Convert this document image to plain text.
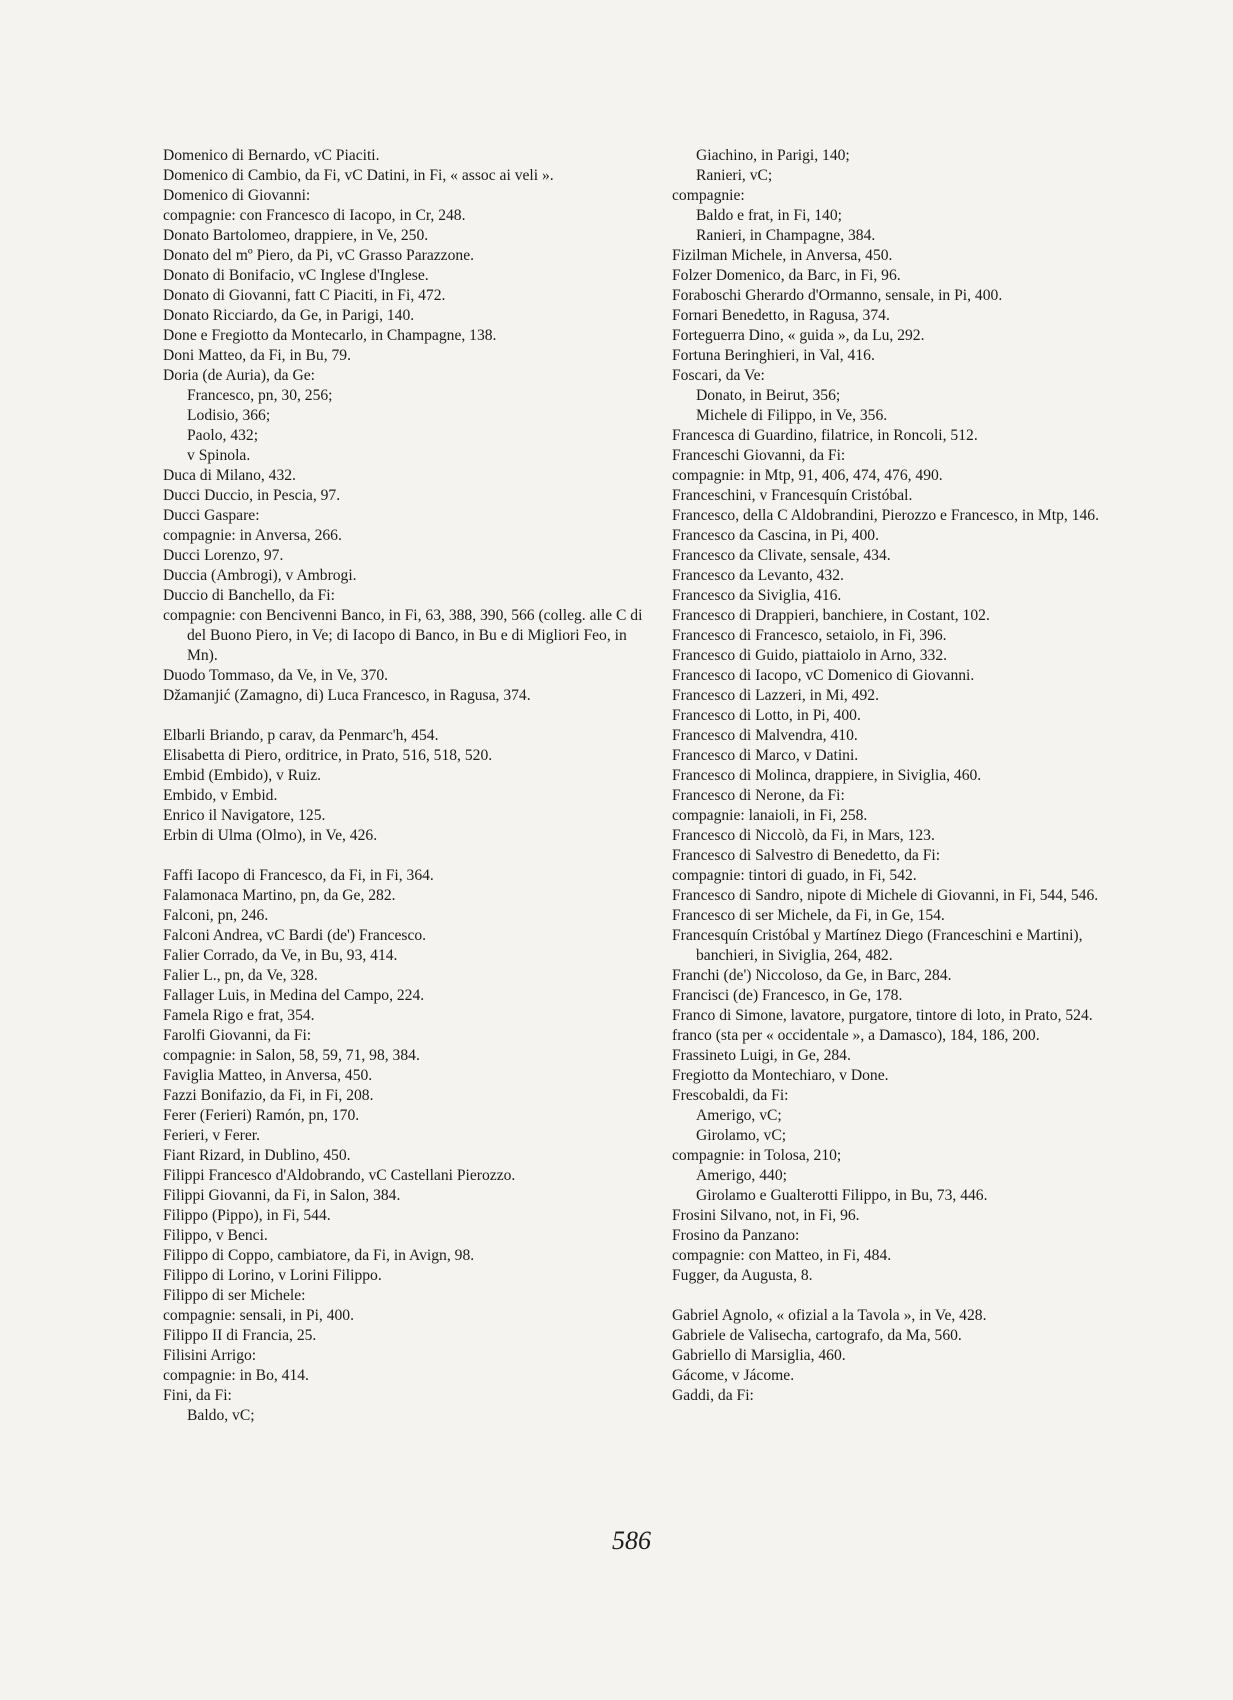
Domenico di Bernardo, vC Piaciti.
Domenico di Cambio, da Fi, vC Datini, in Fi, « assoc ai veli ».
Domenico di Giovanni:
compagnie: con Francesco di Iacopo, in Cr, 248.
Donato Bartolomeo, drappiere, in Ve, 250.
Donato del mº Piero, da Pi, vC Grasso Parazzone.
Donato di Bonifacio, vC Inglese d'Inglese.
Donato di Giovanni, fatt C Piaciti, in Fi, 472.
Donato Ricciardo, da Ge, in Parigi, 140.
Done e Fregiotto da Montecarlo, in Champagne, 138.
Doni Matteo, da Fi, in Bu, 79.
Doria (de Auria), da Ge:
Francesco, pn, 30, 256;
Lodisio, 366;
Paolo, 432;
v Spinola.
Duca di Milano, 432.
Ducci Duccio, in Pescia, 97.
Ducci Gaspare:
compagnie: in Anversa, 266.
Ducci Lorenzo, 97.
Duccia (Ambrogi), v Ambrogi.
Duccio di Banchello, da Fi:
compagnie: con Bencivenni Banco, in Fi, 63, 388, 390, 566 (colleg. alle C di del Buono Piero, in Ve; di Iacopo di Banco, in Bu e di Migliori Feo, in Mn).
Duodo Tommaso, da Ve, in Ve, 370.
Džamanjić (Zamagno, di) Luca Francesco, in Ragusa, 374.
Elbarli Briando, p carav, da Penmarc'h, 454.
Elisabetta di Piero, orditrice, in Prato, 516, 518, 520.
Embid (Embido), v Ruiz.
Embido, v Embid.
Enrico il Navigatore, 125.
Erbin di Ulma (Olmo), in Ve, 426.
Faffi Iacopo di Francesco, da Fi, in Fi, 364.
Falamonaca Martino, pn, da Ge, 282.
Falconi, pn, 246.
Falconi Andrea, vC Bardi (de') Francesco.
Falier Corrado, da Ve, in Bu, 93, 414.
Falier L., pn, da Ve, 328.
Fallager Luis, in Medina del Campo, 224.
Famela Rigo e frat, 354.
Farolfi Giovanni, da Fi:
compagnie: in Salon, 58, 59, 71, 98, 384.
Faviglia Matteo, in Anversa, 450.
Fazzi Bonifazio, da Fi, in Fi, 208.
Ferer (Ferieri) Ramón, pn, 170.
Ferieri, v Ferer.
Fiant Rizard, in Dublino, 450.
Filippi Francesco d'Aldobrando, vC Castellani Pierozzo.
Filippi Giovanni, da Fi, in Salon, 384.
Filippo (Pippo), in Fi, 544.
Filippo, v Benci.
Filippo di Coppo, cambiatore, da Fi, in Avign, 98.
Filippo di Lorino, v Lorini Filippo.
Filippo di ser Michele:
compagnie: sensali, in Pi, 400.
Filippo II di Francia, 25.
Filisini Arrigo:
compagnie: in Bo, 414.
Fini, da Fi:
Baldo, vC;
Giachino, in Parigi, 140;
Ranieri, vC;
compagnie:
Baldo e frat, in Fi, 140;
Ranieri, in Champagne, 384.
Fizilman Michele, in Anversa, 450.
Folzer Domenico, da Barc, in Fi, 96.
Foraboschi Gherardo d'Ormanno, sensale, in Pi, 400.
Fornari Benedetto, in Ragusa, 374.
Forteguerra Dino, « guida », da Lu, 292.
Fortuna Beringhieri, in Val, 416.
Foscari, da Ve:
Donato, in Beirut, 356;
Michele di Filippo, in Ve, 356.
Francesca di Guardino, filatrice, in Roncoli, 512.
Franceschi Giovanni, da Fi:
compagnie: in Mtp, 91, 406, 474, 476, 490.
Franceschini, v Francesquín Cristóbal.
Francesco, della C Aldobrandini, Pierozzo e Francesco, in Mtp, 146.
Francesco da Cascina, in Pi, 400.
Francesco da Clivate, sensale, 434.
Francesco da Levanto, 432.
Francesco da Siviglia, 416.
Francesco di Drappieri, banchiere, in Costant, 102.
Francesco di Francesco, setaiolo, in Fi, 396.
Francesco di Guido, piattaiolo in Arno, 332.
Francesco di Iacopo, vC Domenico di Giovanni.
Francesco di Lazzeri, in Mi, 492.
Francesco di Lotto, in Pi, 400.
Francesco di Malvendra, 410.
Francesco di Marco, v Datini.
Francesco di Molinca, drappiere, in Siviglia, 460.
Francesco di Nerone, da Fi:
compagnie: lanaioli, in Fi, 258.
Francesco di Niccolò, da Fi, in Mars, 123.
Francesco di Salvestro di Benedetto, da Fi:
compagnie: tintori di guado, in Fi, 542.
Francesco di Sandro, nipote di Michele di Giovanni, in Fi, 544, 546.
Francesco di ser Michele, da Fi, in Ge, 154.
Francesquín Cristóbal y Martínez Diego (Franceschini e Martini), banchieri, in Siviglia, 264, 482.
Franchi (de') Niccoloso, da Ge, in Barc, 284.
Francisci (de) Francesco, in Ge, 178.
Franco di Simone, lavatore, purgatore, tintore di loto, in Prato, 524.
franco (sta per « occidentale », a Damasco), 184, 186, 200.
Frassineto Luigi, in Ge, 284.
Fregiotto da Montechiaro, v Done.
Frescobaldi, da Fi:
Amerigo, vC;
Girolamo, vC;
compagnie: in Tolosa, 210;
Amerigo, 440;
Girolamo e Gualterotti Filippo, in Bu, 73, 446.
Frosini Silvano, not, in Fi, 96.
Frosino da Panzano:
compagnie: con Matteo, in Fi, 484.
Fugger, da Augusta, 8.
Gabriel Agnolo, « ofizial a la Tavola », in Ve, 428.
Gabriele de Valisecha, cartografo, da Ma, 560.
Gabriello di Marsiglia, 460.
Gácome, v Jácome.
Gaddi, da Fi:
586
